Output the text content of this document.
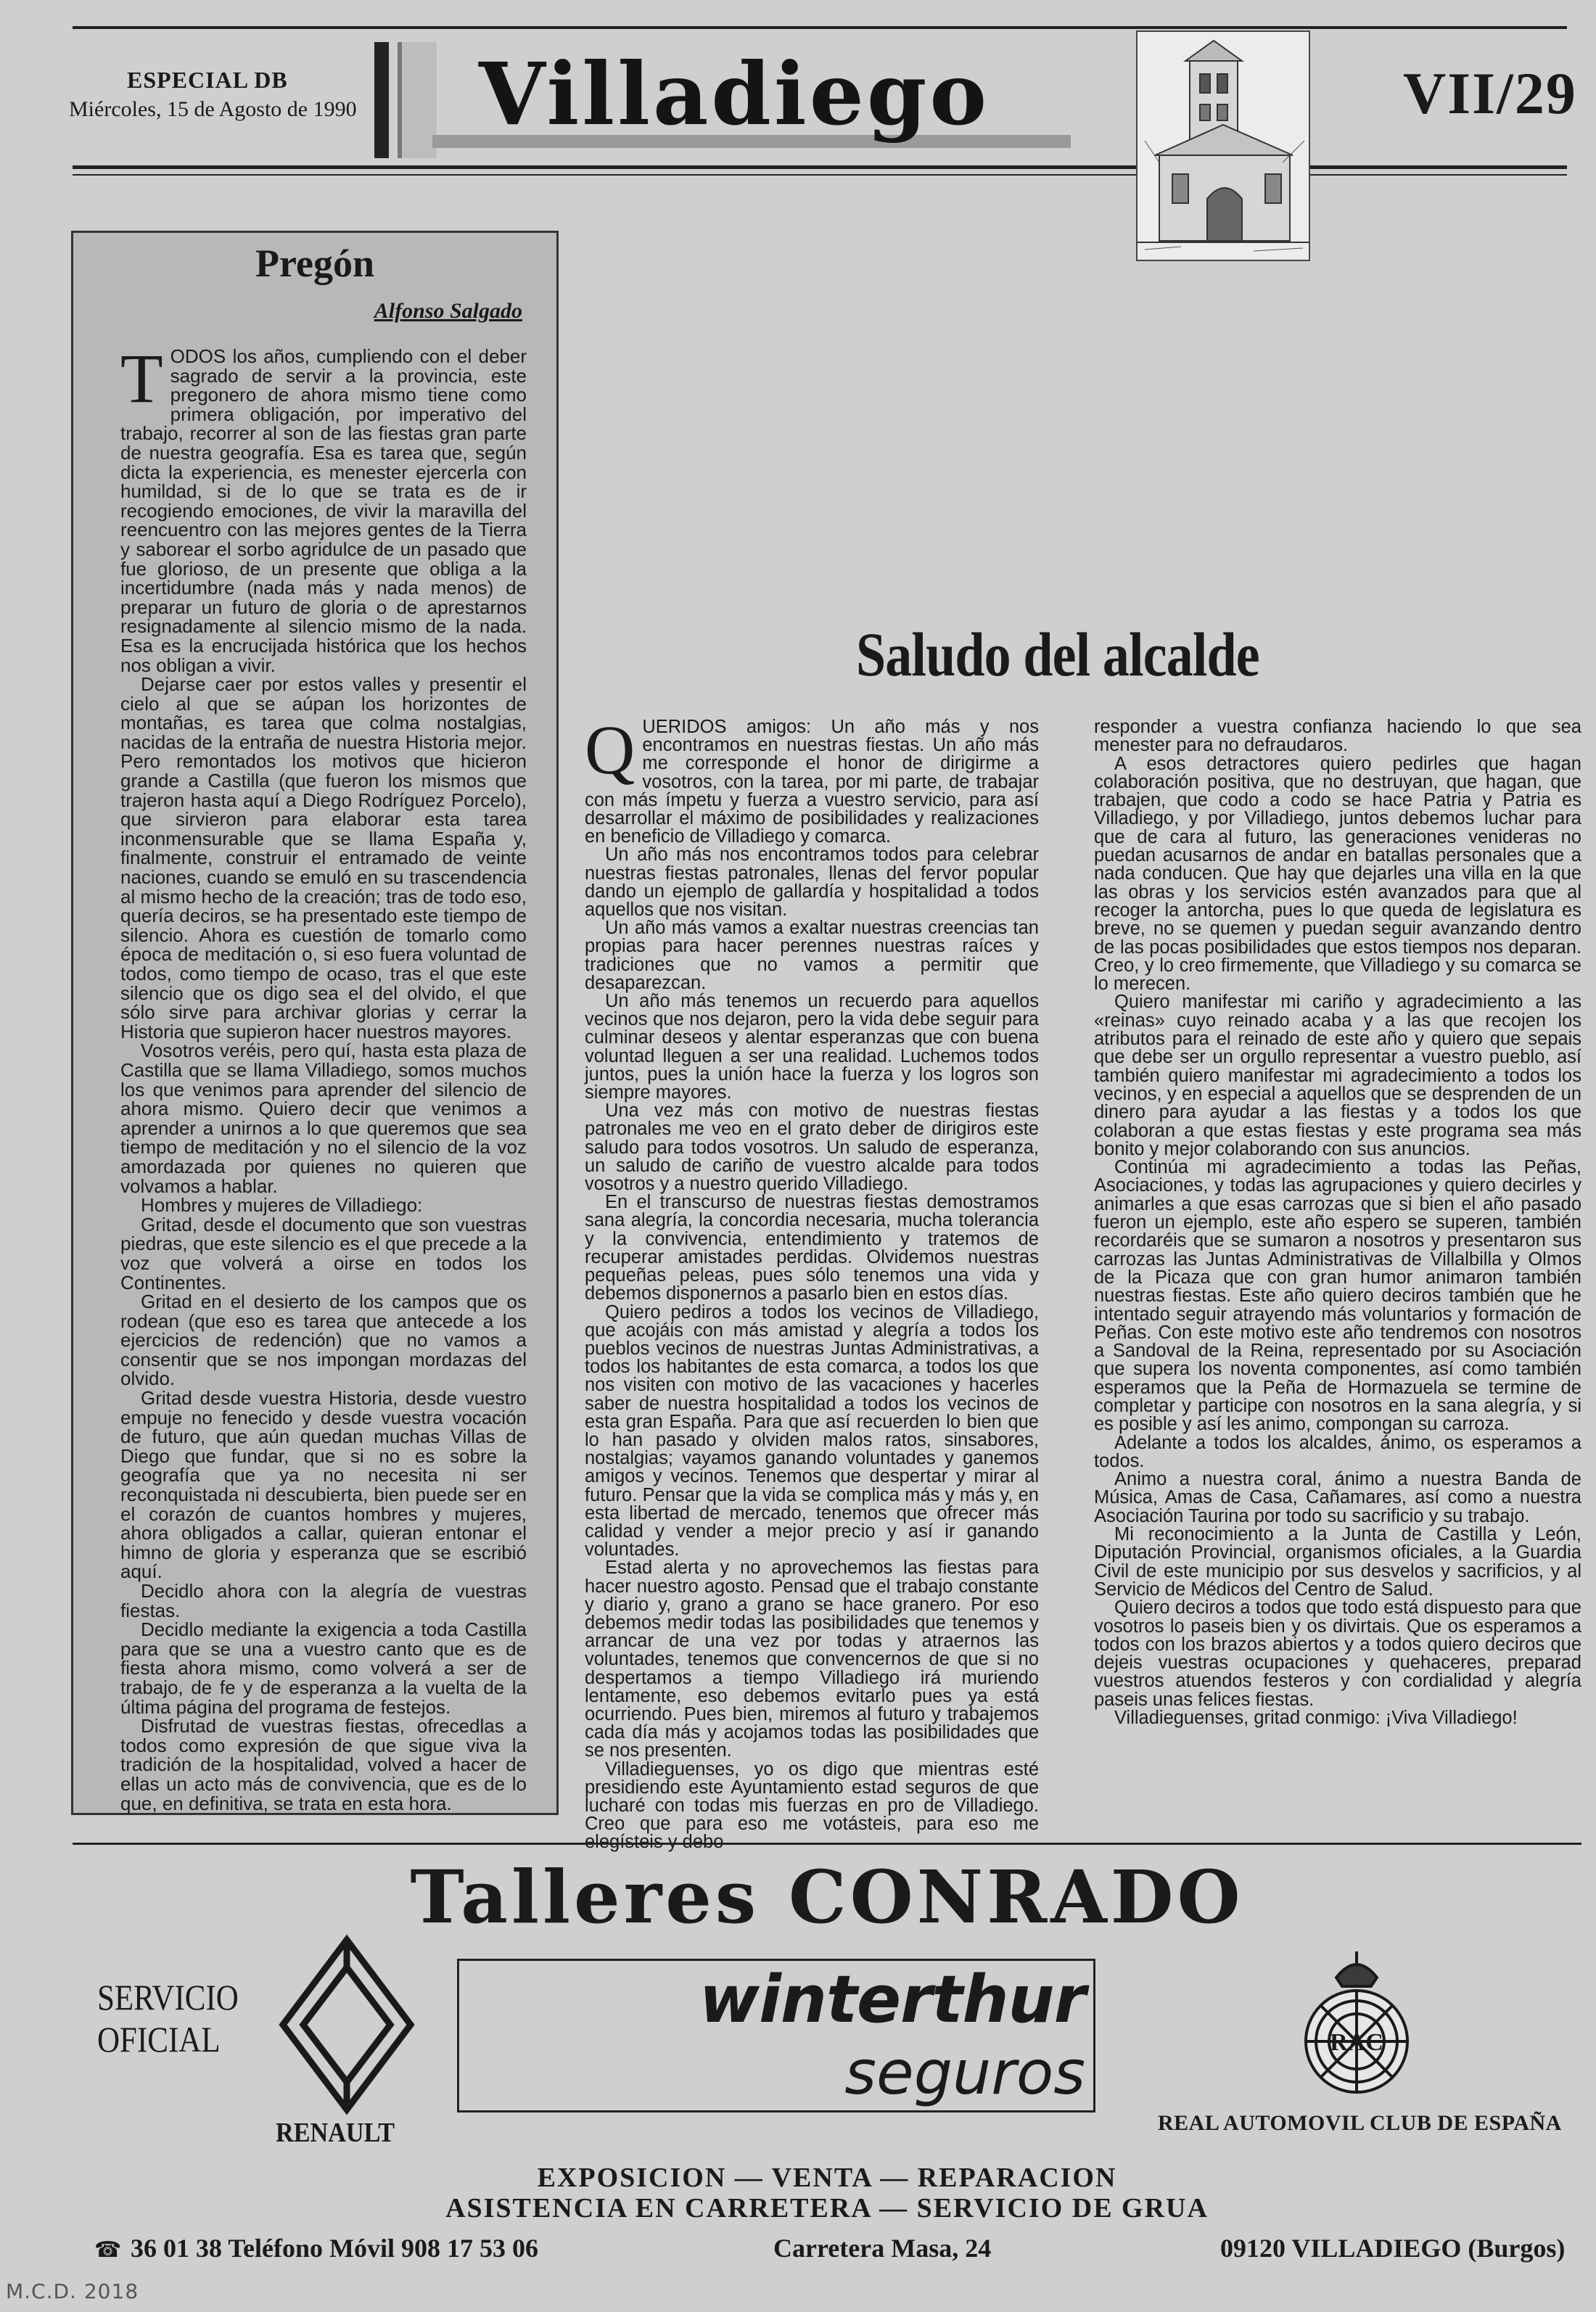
ESPECIAL DB
Miércoles, 15 de Agosto de 1990 Villadiego	VII/29
Pregón
Alfonso Salgado

TODOS los años, cumpliendo con el deber sagrado de servir a la provincia, este pregonero de ahora mismo tiene como primera obligación, por imperativo del trabajo, recorrer al son de las fiestas gran parte de nuestra geografía. Esa es tarea que, según dicta la experiencia, es menester ejercerla con humildad, si de lo que se trata es de ir recogiendo emociones, de vivir la maravilla del reencuentro con las mejores gentes de la Tierra y saborear el sorbo agridulce de un pasado que fue glorioso, de un presente que obliga a la incertidumbre (nada más y nada menos) de preparar un futuro de gloria o de aprestarnos resignadamente al silencio mismo de la nada. Esa es la encrucijada histórica que los hechos nos obligan a vivir.

Dejarse caer por estos valles y presentir el cielo al que se aúpan los horizontes de montañas, es tarea que colma nostalgias, nacidas de la entraña de nuestra Historia mejor. Pero remontados los motivos que hicieron grande a Castilla (que fueron los mismos que trajeron hasta aquí a Diego Rodríguez Porcelo), que sirvieron para elaborar esta tarea inconmensurable que se llama España y, finalmente, construir el entramado de veinte naciones, cuando se emuló en su trascendencia al mismo hecho de la creación; tras de todo eso, quería deciros, se ha presentado este tiempo de silencio. Ahora es cuestión de tomarlo como época de meditación o, si eso fuera voluntad de todos, como tiempo de ocaso, tras el que este silencio que os digo sea el del olvido, el que sólo sirve para archivar glorias y cerrar la Historia que supieron hacer nuestros mayores.

Vosotros veréis, pero quí, hasta esta plaza de Castilla que se llama Villadiego, somos muchos los que venimos para aprender del silencio de ahora mismo. Quiero decir que venimos a aprender a unirnos a lo que queremos que sea tiempo de meditación y no el silencio de la voz amordazada por quienes no quieren que volvamos a hablar.

Hombres y mujeres de Villadiego:

Gritad, desde el documento que son vuestras piedras, que este silencio es el que precede a la voz que volverá a oirse en todos los Continentes.

Gritad en el desierto de los campos que os rodean (que eso es tarea que antecede a los ejercicios de redención) que no vamos a consentir que se nos impongan mordazas del olvido.

Gritad desde vuestra Historia, desde vuestro empuje no fenecido y desde vuestra vocación de futuro, que aún quedan muchas Villas de Diego que fundar, que si no es sobre la geografía que ya no necesita ni ser reconquistada ni descubierta, bien puede ser en el corazón de cuantos hombres y mujeres, ahora obligados a callar, quieran entonar el himno de gloria y esperanza que se escribió aquí.

Decidlo ahora con la alegría de vuestras fiestas.

Decidlo mediante la exigencia a toda Castilla para que se una a vuestro canto que es de fiesta ahora mismo, como volverá a ser de trabajo, de fe y de esperanza a la vuelta de la última página del programa de festejos.

Disfrutad de vuestras fiestas, ofrecedlas a todos como expresión de que sigue viva la tradición de la hospitalidad, volved a hacer de ellas un acto más de convivencia, que es de lo que, en definitiva, se trata en esta hora.

Saludo del alcalde

QUERIDOS amigos: Un año más y nos encontramos en nuestras fiestas. Un año más me corresponde el honor de dirigirme a vosotros, con la tarea, por mi parte, de trabajar con más ímpetu y fuerza a vuestro servicio, para así desarrollar el máximo de posibilidades y realizaciones en beneficio de Villadiego y comarca.

Un año más nos encontramos todos para celebrar nuestras fiestas patronales, llenas del fervor popular dando un ejemplo de gallardía y hospitalidad a todos aquellos que nos visitan.

Un año más vamos a exaltar nuestras creencias tan propias para hacer perennes nuestras raíces y tradiciones que no vamos a permitir que desaparezcan.

Un año más tenemos un recuerdo para aquellos vecinos que nos dejaron, pero la vida debe seguir para culminar deseos y alentar esperanzas que con buena voluntad lleguen a ser una realidad. Luchemos todos juntos, pues la unión hace la fuerza y los logros son siempre mayores.

Una vez más con motivo de nuestras fiestas patronales me veo en el grato deber de dirigiros este saludo para todos vosotros. Un saludo de esperanza, un saludo de cariño de vuestro alcalde para todos vosotros y a nuestro querido Villadiego.

En el transcurso de nuestras fiestas demostramos sana alegría, la concordia necesaria, mucha tolerancia y la convivencia, entendimiento y tratemos de recuperar amistades perdidas. Olvidemos nuestras pequeñas peleas, pues sólo tenemos una vida y debemos disponernos a pasarlo bien en estos días.

Quiero pediros a todos los vecinos de Villadiego, que acojáis con más amistad y alegría a todos los pueblos vecinos de nuestras Juntas Administrativas, a todos los habitantes de esta comarca, a todos los que nos visiten con motivo de las vacaciones y hacerles saber de nuestra hospitalidad a todos los vecinos de esta gran España. Para que así recuerden lo bien que lo han pasado y olviden malos ratos, sinsabores, nostalgias; vayamos ganando voluntades y ganemos amigos y vecinos. Tenemos que despertar y mirar al futuro. Pensar que la vida se complica más y más y, en esta libertad de mercado, tenemos que ofrecer más calidad y vender a mejor precio y así ir ganando voluntades.

Estad alerta y no aprovechemos las fiestas para hacer nuestro agosto. Pensad que el trabajo constante y diario y, grano a grano se hace granero. Por eso debemos medir todas las posibilidades que tenemos y arrancar de una vez por todas y atraernos las voluntades, tenemos que convencernos de que si no despertamos a tiempo Villadiego irá muriendo lentamente, eso debemos evitarlo pues ya está ocurriendo. Pues bien, miremos al futuro y trabajemos cada día más y acojamos todas las posibilidades que se nos presenten.

Villadieguenses, yo os digo que mientras esté presidiendo este Ayuntamiento estad seguros de que lucharé con todas mis fuerzas en pro de Villadiego. Creo que para eso me votásteis, para eso me

responder a vuestra confianza haciendo lo que sea menester para no defraudaros.

A esos detractores quiero pedirles que hagan colaboración positiva, que no destruyan, que hagan, que trabajen, que codo a codo se hace Patria y Patria es Villadiego, y por Villadiego, juntos debemos luchar para que de cara al futuro, las generaciones venideras no puedan acusarnos de andar en batallas personales que a nada conducen. Que hay que dejarles una villa en la que las obras y los servicios estén avanzados para que al recoger la antorcha, pues lo que queda de legislatura es breve, no se quemen y puedan seguir avanzando dentro de las pocas posibilidades que estos tiempos nos deparan. Creo, y lo creo firmemente, que Villadiego y su comarca se lo merecen.

Quiero manifestar mi cariño y agradecimiento a las «reinas» cuyo reinado acaba y a las que recojen los atributos para el reinado de este año y quiero que sepais que debe ser un orgullo representar a vuestro pueblo, así también quiero manifestar mi agradecimiento a todos los vecinos, y en especial a aquellos que se desprenden de un dinero para ayudar a las fiestas y a todos los que colaboran a que estas fiestas y este programa sea más bonito y mejor colaborando con sus anuncios.

Continúa mi agradecimiento a todas las Peñas, Asociaciones, y todas las agrupaciones y quiero decirles y animarles a que esas carrozas que si bien el año pasado fueron un ejemplo, este año espero se superen, también recordaréis que se sumaron a nosotros y presentaron sus carrozas las Juntas Administrativas de Villalbilla y Olmos de la Picaza que con gran humor animaron también nuestras fiestas. Este año quiero deciros también que he intentado seguir atrayendo más voluntarios y formación de Peñas. Con este motivo este año tendremos con nosotros a Sandoval de la Reina, representado por su Asociación que supera los noventa componentes, así como también esperamos que la Peña de Hormazuela se termine de completar y participe con nosotros en la sana alegría, y si es posible y así les animo, compongan su carroza.

Adelante a todos los alcaldes, ánimo, os esperamos a todos.

Animo a nuestra coral, ánimo a nuestra Banda de Música, Amas de Casa, Cañamares, así como a nuestra Asociación Taurina por todo su sacrificio y su trabajo.

Mi reconocimiento a la Junta de Castilla y León, Diputación Provincial, organismos oficiales, a la Guardia Civil de este municipio por sus desvelos y sacrificios, y al Servicio de Médicos del Centro de Salud.

Quiero deciros a todos que todo está dispuesto para que vosotros lo paseis bien y os divirtais. Que os esperamos a todos con los brazos abiertos y a todos quiero deciros que dejeis vuestras ocupaciones y quehaceres, preparad vuestros atuendos festeros y con cordialidad y alegría paseis unas felices fiestas.

Villadieguenses, gritad conmigo: ¡Viva Villadiego!

Talleres CONRADO
SERVICIO
OFICIAL
RENAULT
winterthur
seguros	RAC
REAL AUTOMOVIL CLUB DE ESPAÑA
EXPOSICION — VENTA — REPARACION
ASISTENCIA EN CARRETERA — SERVICIO DE GRUA
☎ 36 01 38 Teléfono Móvil 908 17 53 06	Carretera Masa, 24	09120 VILLADIEGO (Burgos)
M.C.D. 2018
